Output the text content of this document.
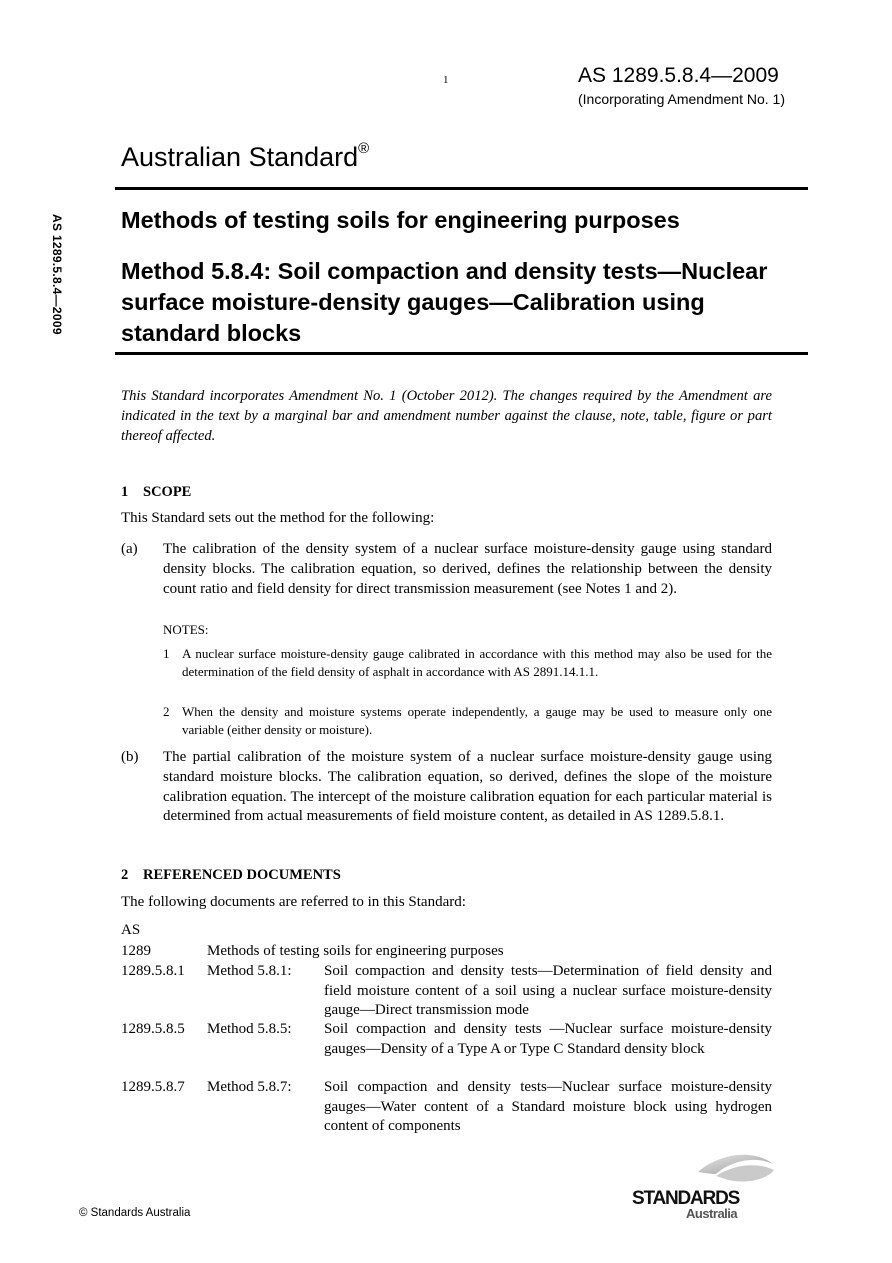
1	AS 1289.5.8.4—2009
(Incorporating Amendment No. 1)
Australian Standard®
AS 1289.5.8.4—2009 Methods of testing soils for engineering purposes
Method 5.8.4: Soil compaction and density tests—Nuclear surface moisture-density gauges—Calibration using standard blocks
This Standard incorporates Amendment No. 1 (October 2012). The changes required by the Amendment are indicated in the text by a marginal bar and amendment number against the clause, note, table, figure or part thereof affected.
1 SCOPE
This Standard sets out the method for the following:
(a) The calibration of the density system of a nuclear surface moisture-density gauge using standard density blocks. The calibration equation, so derived, defines the relationship between the density count ratio and field density for direct transmission measurement (see Notes 1 and 2).
NOTES:
1 A nuclear surface moisture-density gauge calibrated in accordance with this method may also be used for the determination of the field density of asphalt in accordance with AS 2891.14.1.1.
2 When the density and moisture systems operate independently, a gauge may be used to measure only one variable (either density or moisture).
(b) The partial calibration of the moisture system of a nuclear surface moisture-density gauge using standard moisture blocks. The calibration equation, so derived, defines the slope of the moisture calibration equation. The intercept of the moisture calibration equation for each particular material is determined from actual measurements of field moisture content, as detailed in AS 1289.5.8.1.
2 REFERENCED DOCUMENTS
The following documents are referred to in this Standard:
AS
1289	Methods of testing soils for engineering purposes

1289.5.8.1 Method 5.8.1: Soil compaction and density tests—Determination of field density and field moisture content of a soil using a nuclear surface moisture-density gauge—Direct transmission mode
1289.5.8.5 Method 5.8.5: Soil compaction and density tests —Nuclear surface moisture-density gauges—Density of a Type A or Type C Standard density block
1289.5.8.7 Method 5.8.7: Soil compaction and density tests—Nuclear surface moisture-density gauges—Water content of a Standard moisture block using hydrogen content of components
© Standards Australia
STANDARDS
Australia
